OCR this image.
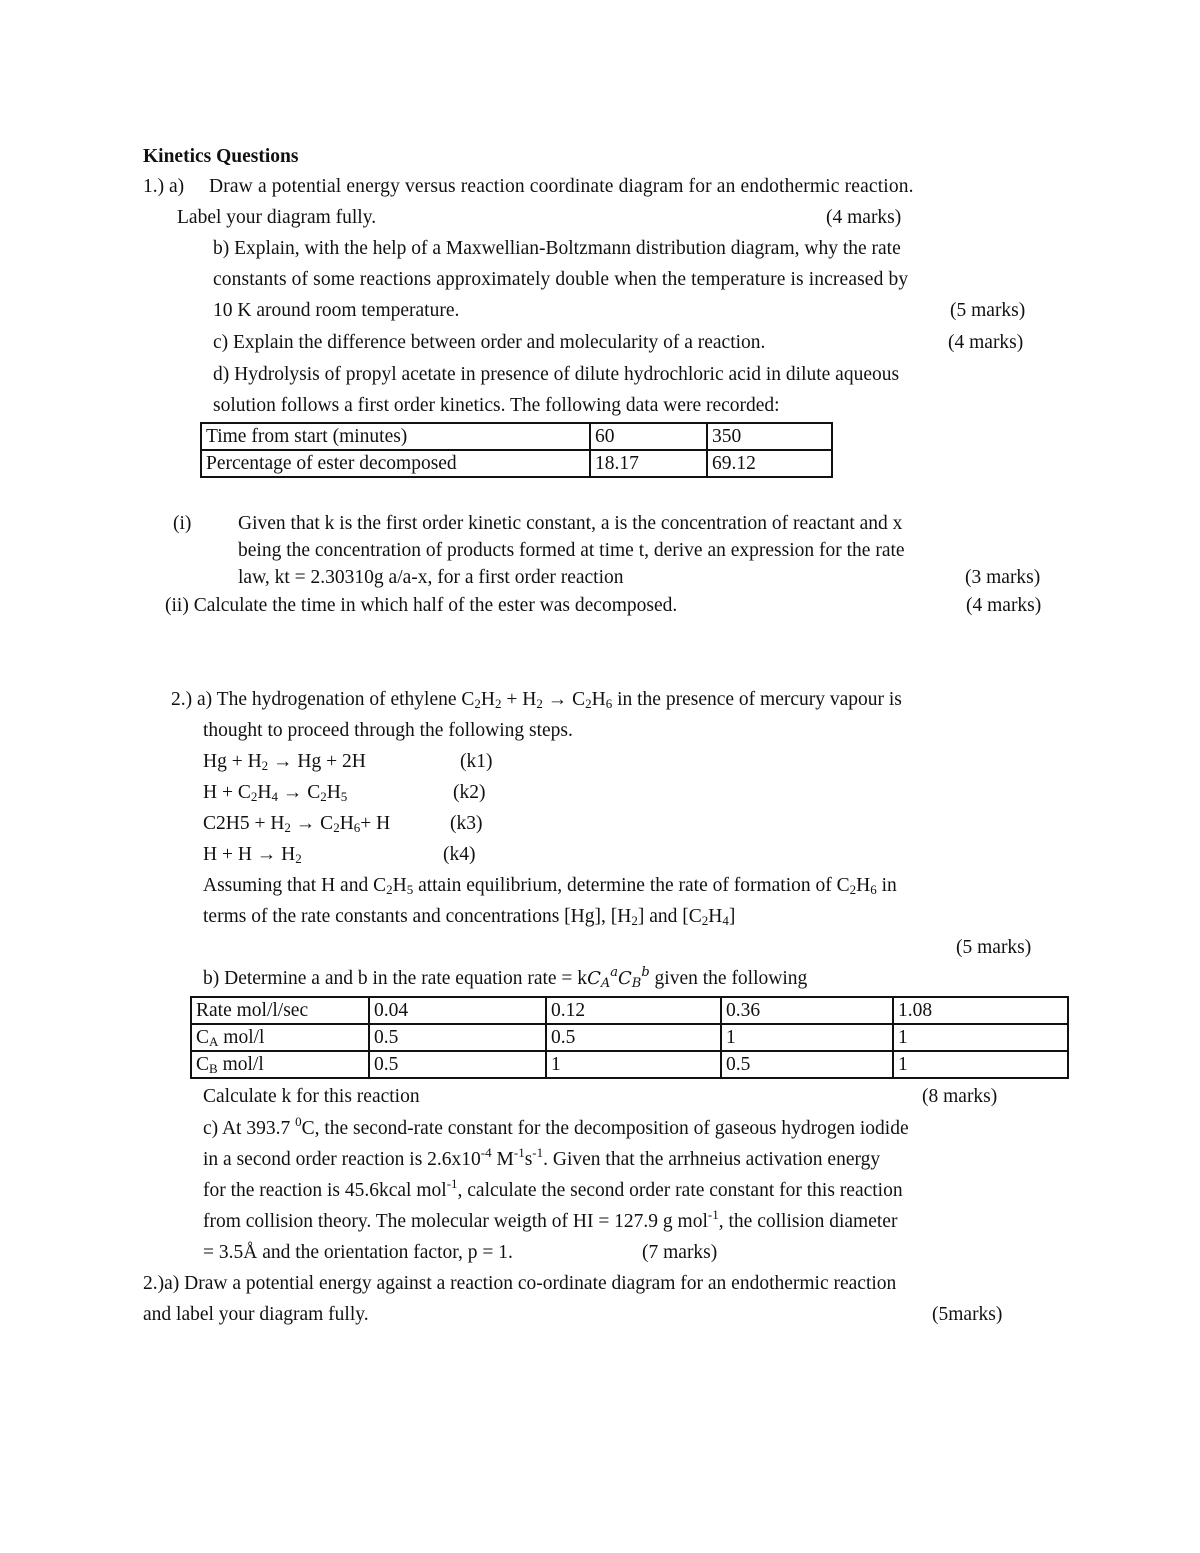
Kinetics Questions
1.) a) Draw a potential energy versus reaction coordinate diagram for an endothermic reaction.
Label your diagram fully.	(4 marks)
b) Explain, with the help of a Maxwellian-Boltzmann distribution diagram, why the rate
constants of some reactions approximately double when the temperature is increased by
10 K around room temperature.	(5 marks)
c) Explain the difference between order and molecularity of a reaction.	(4 marks)
d) Hydrolysis of propyl acetate in presence of dilute hydrochloric acid in dilute aqueous
solution follows a first order kinetics. The following data were recorded:
Time from start (minutes)	60	350
Percentage of ester decomposed	18.17	69.12
(i) Given that k is the first order kinetic constant, a is the concentration of reactant and x
being the concentration of products formed at time t, derive an expression for the rate
law, kt = 2.30310g a/a-x, for a first order reaction	(3 marks)
(ii) Calculate the time in which half of the ester was decomposed.	(4 marks)
2.) a) The hydrogenation of ethylene $C_2H_2 + H_2 \to C_2H_6$ in the presence of mercury vapour is
thought to proceed through the following steps.
$Hg + H_2 \to Hg + 2H$	(k1)
$H + C_2H_4 \to C_2H_5$	(k2)
$C2H5 + H_2 \to C_2H_6+ H$	(k3)
$H + H \to H_2$	(k4)
Assuming that H and $C_2H_5$ attain equilibrium, determine the rate of formation of $C_2H_6$ in
terms of the rate constants and concentrations [Hg], $[H_2]$ and $[C_2H_4]$
(5 marks)
b) Determine a and b in the rate equation rate = $kC_A^aC_B^b$ given the following
Rate mol/l/sec	0.04	0.12	0.36	1.08
$C_A$ mol/l	0.5	0.5	1	1
$C_B$ mol/l	0.5	1	0.5	1
Calculate k for this reaction	(8 marks)
c) At 393.7 $^0$C, the second-rate constant for the decomposition of gaseous hydrogen iodide
in a second order reaction is $2.6x10^{-4}$ $M^{-1}s^{-1}$. Given that the arrhneius activation energy
for the reaction is 45.6kcal mol$^{-1}$, calculate the second order rate constant for this reaction
from collision theory. The molecular weigth of HI = 127.9 g mol$^{-1}$, the collision diameter
= 3.5Å and the orientation factor, p = 1.	(7 marks)
2.)a) Draw a potential energy against a reaction co-ordinate diagram for an endothermic reaction
and label your diagram fully.	(5marks)
